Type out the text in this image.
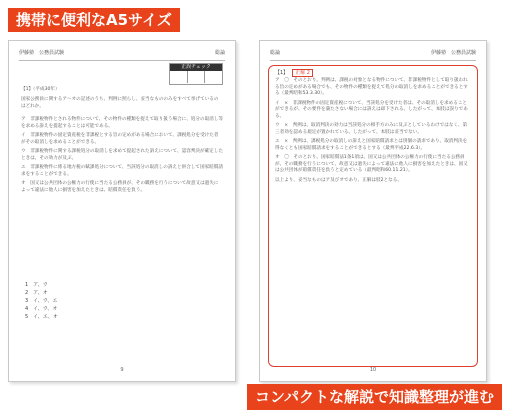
携帯に便利なA5サイズ
伊藤塾　公務員試験	総論
正誤チェック
【1】（平成30年）
国家公務員に関するア〜オの記述のうち、判例に照らし、妥当なもののみをすべて挙げているのはどれか。

ア　非課税物件とされる物件について、その物件の種類を捉えて取り扱う場合に、処分の取消し等を求める訴えを提起することは可能である。

イ　非課税物件の固定資産税を非課税とする旨の定めがある場合において、課税処分を受けた者がその取消しを求めることができる。

ウ　非課税物件に関する課税処分の取消しを求めて提起された訴えについて、認容判決が確定したときは、その効力が及ぶ。

エ　非課税物件に係る地方税の賦課処分について、当該処分の取消しの訴えと併合して国家賠償請求をすることができる。

オ　国又は公共団体の公権力の行使に当たる公務員が、その職務を行うについて故意又は過失によって違法に他人に損害を加えたときは、賠償責任を負う。

1　ア、ウ
2　ア、オ
3　イ、ウ、エ
4　イ、ウ、オ
5　イ、エ、オ
9
総論	伊藤塾　公務員試験
【1】 正解 2

ア　〇　そのとおり。判例は、課税の対象となる物件について、非課税物件として取り扱われる旨の定めがある場合でも、その物件の種類を捉えて処分の取消しを求めることができるとする（最判昭和53.3.30）。

イ　×　非課税物件の固定資産税について、当該処分を受けた者は、その取消しを求めることができるが、その要件を満たさない場合には訴えは却下される。したがって、本肢は誤りである。

ウ　×　判例は、取消判決の効力は当該処分の相手方のみに及ぶとしているわけではなく、第三者効を認める規定が置かれている。したがって、本肢は妥当でない。

エ　×　判例は、課税処分の取消しの訴えと国家賠償請求とは別個の請求であり、取消判決を得なくとも国家賠償請求をすることができるとする（最判平成22.6.3）。

オ　〇　そのとおり。国家賠償法1条1項は、国又は公共団体の公権力の行使に当たる公務員が、その職務を行うについて、故意又は過失によって違法に他人に損害を加えたときは、国又は公共団体が賠償責任を負うと定めている（最判昭和60.11.21）。

以上より、妥当なものはア及びオであり、正解は肢2となる。

10
コンパクトな解説で知識整理が進む
